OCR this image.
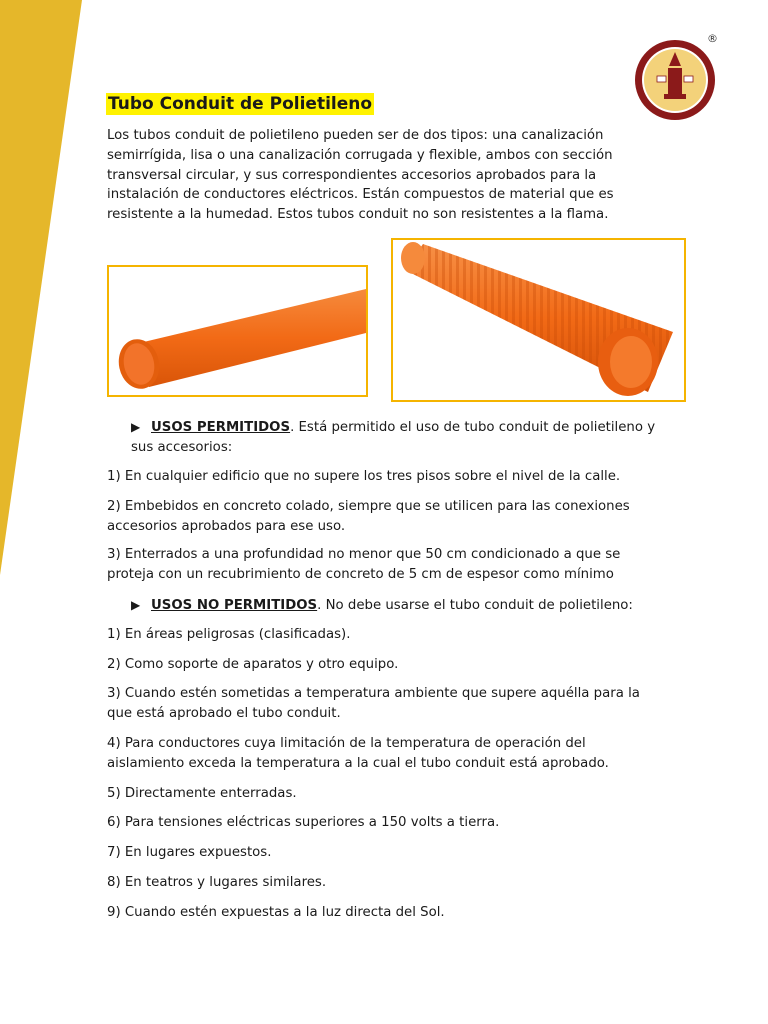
®
Tubo Conduit de Polietileno

Los tubos conduit de polietileno pueden ser de dos tipos: una canalización semirrígida, lisa o una canalización corrugada y flexible, ambos con sección transversal circular, y sus correspondientes accesorios aprobados para la instalación de conductores eléctricos. Están compuestos de material que es resistente a la humedad. Estos tubos conduit no son resistentes a la flama.

▶ USOS PERMITIDOS. Está permitido el uso de tubo conduit de polietileno y sus accesorios:

1) En cualquier edificio que no supere los tres pisos sobre el nivel de la calle.

2) Embebidos en concreto colado, siempre que se utilicen para las conexiones accesorios aprobados para ese uso.

3) Enterrados a una profundidad no menor que 50 cm condicionado a que se proteja con un recubrimiento de concreto de 5 cm de espesor como mínimo

▶ USOS NO PERMITIDOS. No debe usarse el tubo conduit de polietileno:

1) En áreas peligrosas (clasificadas).

2) Como soporte de aparatos y otro equipo.

3) Cuando estén sometidas a temperatura ambiente que supere aquélla para la que está aprobado el tubo conduit.

4) Para conductores cuya limitación de la temperatura de operación del aislamiento exceda la temperatura a la cual el tubo conduit está aprobado.

5) Directamente enterradas.

6) Para tensiones eléctricas superiores a 150 volts a tierra.

7) En lugares expuestos.

8) En teatros y lugares similares.

9) Cuando estén expuestas a la luz directa del Sol.
